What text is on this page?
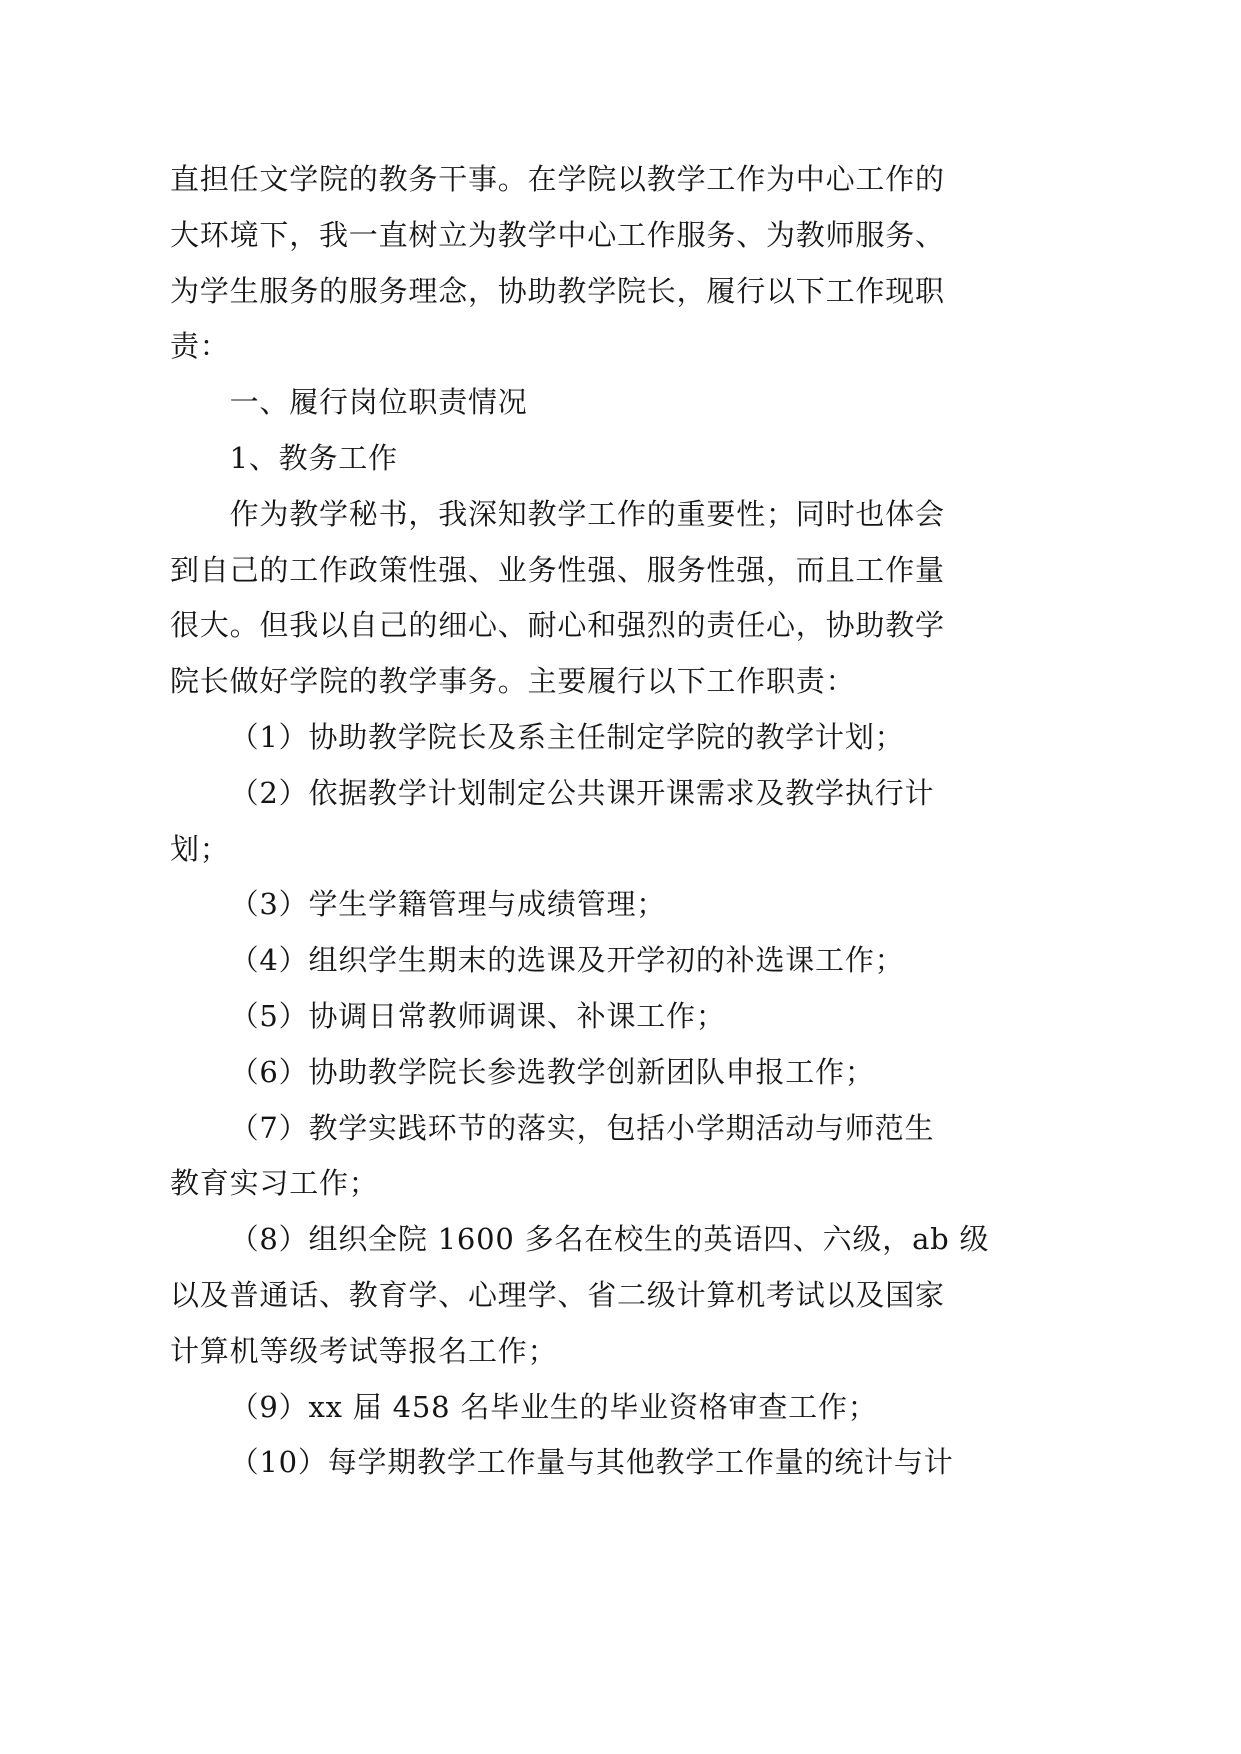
直担任文学院的教务干事。在学院以教学工作为中心工作的
大环境下，我一直树立为教学中心工作服务、为教师服务、
为学生服务的服务理念，协助教学院长，履行以下工作现职
责：
一、履行岗位职责情况
1、教务工作
作为教学秘书，我深知教学工作的重要性；同时也体会
到自己的工作政策性强、业务性强、服务性强，而且工作量
很大。但我以自己的细心、耐心和强烈的责任心，协助教学
院长做好学院的教学事务。主要履行以下工作职责：
（1）协助教学院长及系主任制定学院的教学计划；
（2）依据教学计划制定公共课开课需求及教学执行计
划；
（3）学生学籍管理与成绩管理；
（4）组织学生期末的选课及开学初的补选课工作；
（5）协调日常教师调课、补课工作；
（6）协助教学院长参选教学创新团队申报工作；
（7）教学实践环节的落实，包括小学期活动与师范生
教育实习工作；
（8）组织全院 1600 多名在校生的英语四、六级，ab 级
以及普通话、教育学、心理学、省二级计算机考试以及国家
计算机等级考试等报名工作；
（9）xx 届 458 名毕业生的毕业资格审查工作；
（10）每学期教学工作量与其他教学工作量的统计与计
